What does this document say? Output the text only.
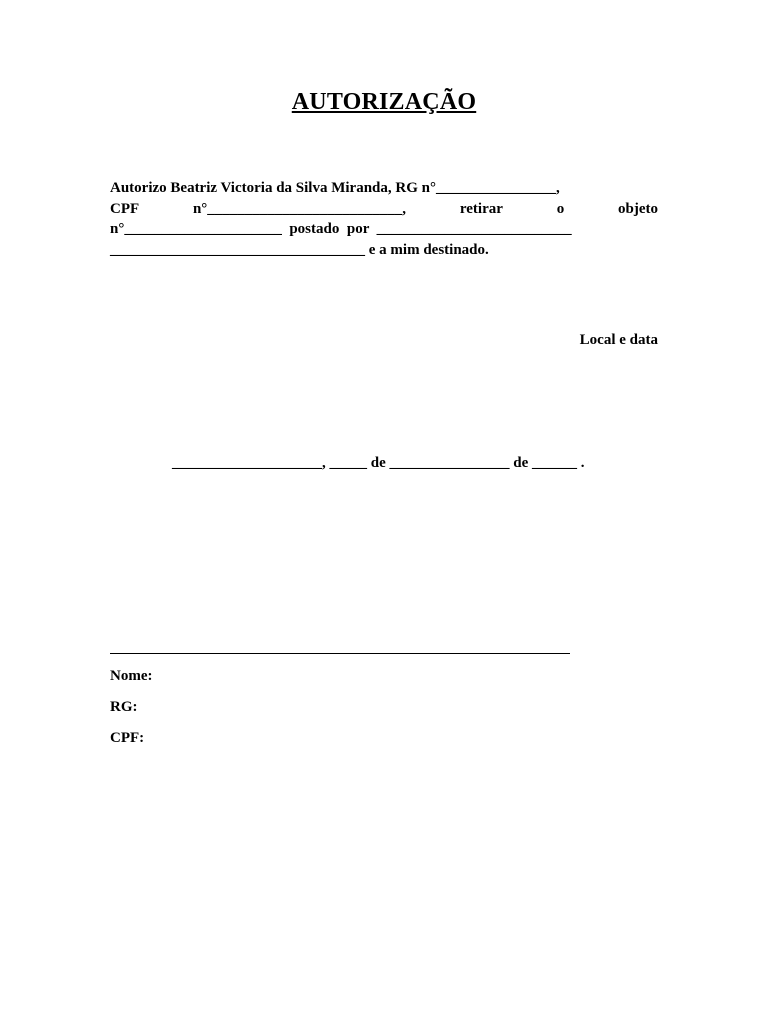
AUTORIZAÇÃO
Autorizo Beatriz Victoria da Silva Miranda, RG n°________________,
CPF	n°__________________________,	retirar	o	objeto
n°_____________________  postado  por  __________________________
__________________________________ e a mim destinado.
Local e data
____________________, _____ de ________________ de ______ .
Nome:
RG:
CPF:
